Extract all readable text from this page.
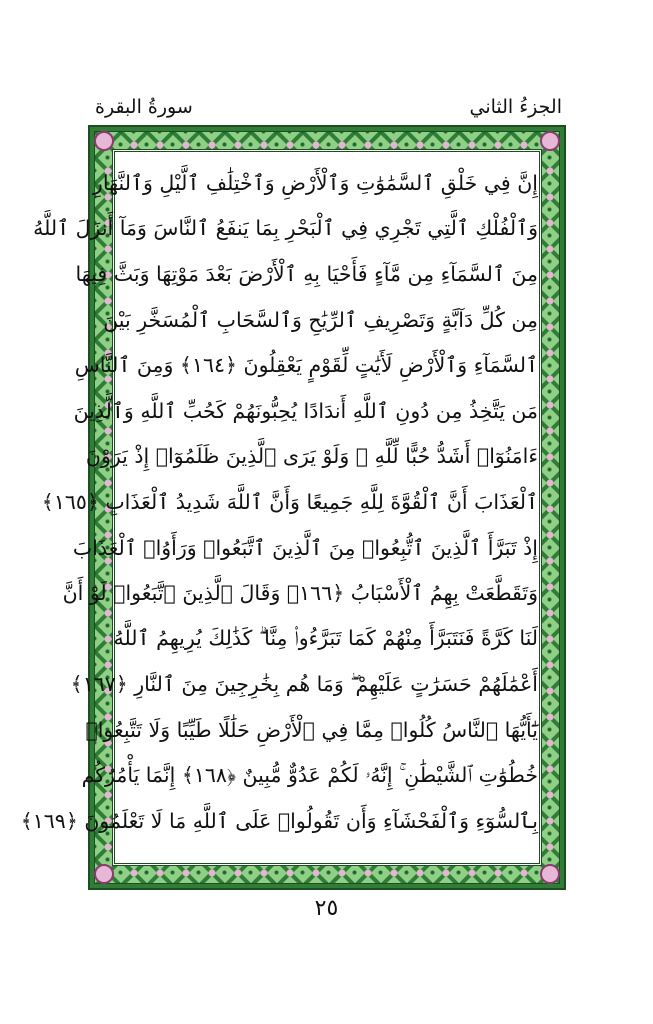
الجزءُ الثاني
سورةُ البقرة
إِنَّ فِي خَلْقِ ٱلسَّمَٰوَٰتِ وَٱلْأَرْضِ وَٱخْتِلَٰفِ ٱلَّيْلِ وَٱلنَّهَارِ
وَٱلْفُلْكِ ٱلَّتِي تَجْرِي فِي ٱلْبَحْرِ بِمَا يَنفَعُ ٱلنَّاسَ وَمَآ أَنزَلَ ٱللَّهُ
مِنَ ٱلسَّمَآءِ مِن مَّآءٍ فَأَحْيَا بِهِ ٱلْأَرْضَ بَعْدَ مَوْتِهَا وَبَثَّ فِيهَا
مِن كُلِّ دَآبَّةٍ وَتَصْرِيفِ ٱلرِّيَٰحِ وَٱلسَّحَابِ ٱلْمُسَخَّرِ بَيْنَ
ٱلسَّمَآءِ وَٱلْأَرْضِ لَأَيَٰتٍ لِّقَوْمٍ يَعْقِلُونَ ﴿١٦٤﴾ وَمِنَ ٱلنَّاسِ
مَن يَتَّخِذُ مِن دُونِ ٱللَّهِ أَندَادًا يُحِبُّونَهُمْ كَحُبِّ ٱللَّهِ وَٱلَّذِينَ
ءَامَنُوٓا۟ أَشَدُّ حُبًّا لِّلَّهِ ۗ وَلَوْ يَرَى ٱلَّذِينَ ظَلَمُوٓا۟ إِذْ يَرَوْنَ
ٱلْعَذَابَ أَنَّ ٱلْقُوَّةَ لِلَّهِ جَمِيعًا وَأَنَّ ٱللَّهَ شَدِيدُ ٱلْعَذَابِ ﴿١٦٥﴾
إِذْ تَبَرَّأَ ٱلَّذِينَ ٱتُّبِعُوا۟ مِنَ ٱلَّذِينَ ٱتَّبَعُوا۟ وَرَأَوُا۟ ٱلْعَذَابَ
وَتَقَطَّعَتْ بِهِمُ ٱلْأَسْبَابُ ﴿١٦٦﴾ وَقَالَ ٱلَّذِينَ ٱتَّبَعُوا۟ لَوْ أَنَّ
لَنَا كَرَّةً فَنَتَبَرَّأَ مِنْهُمْ كَمَا تَبَرَّءُوا۟ مِنَّا ۗ كَذَٰلِكَ يُرِيهِمُ ٱللَّهُ
أَعْمَٰلَهُمْ حَسَرَٰتٍ عَلَيْهِمْ ۖ وَمَا هُم بِخَٰرِجِينَ مِنَ ٱلنَّارِ ﴿١٦٧﴾
يَٰٓأَيُّهَا ٱلنَّاسُ كُلُوا۟ مِمَّا فِي ٱلْأَرْضِ حَلَٰلًا طَيِّبًا وَلَا تَتَّبِعُوا۟
خُطُوَٰتِ ٱلشَّيْطَٰنِ ۚ إِنَّهُۥ لَكُمْ عَدُوٌّ مُّبِينٌ ﴿١٦٨﴾ إِنَّمَا يَأْمُرُكُم
بِٱلسُّوٓءِ وَٱلْفَحْشَآءِ وَأَن تَقُولُوا۟ عَلَى ٱللَّهِ مَا لَا تَعْلَمُونَ ﴿١٦٩﴾
٢٥
